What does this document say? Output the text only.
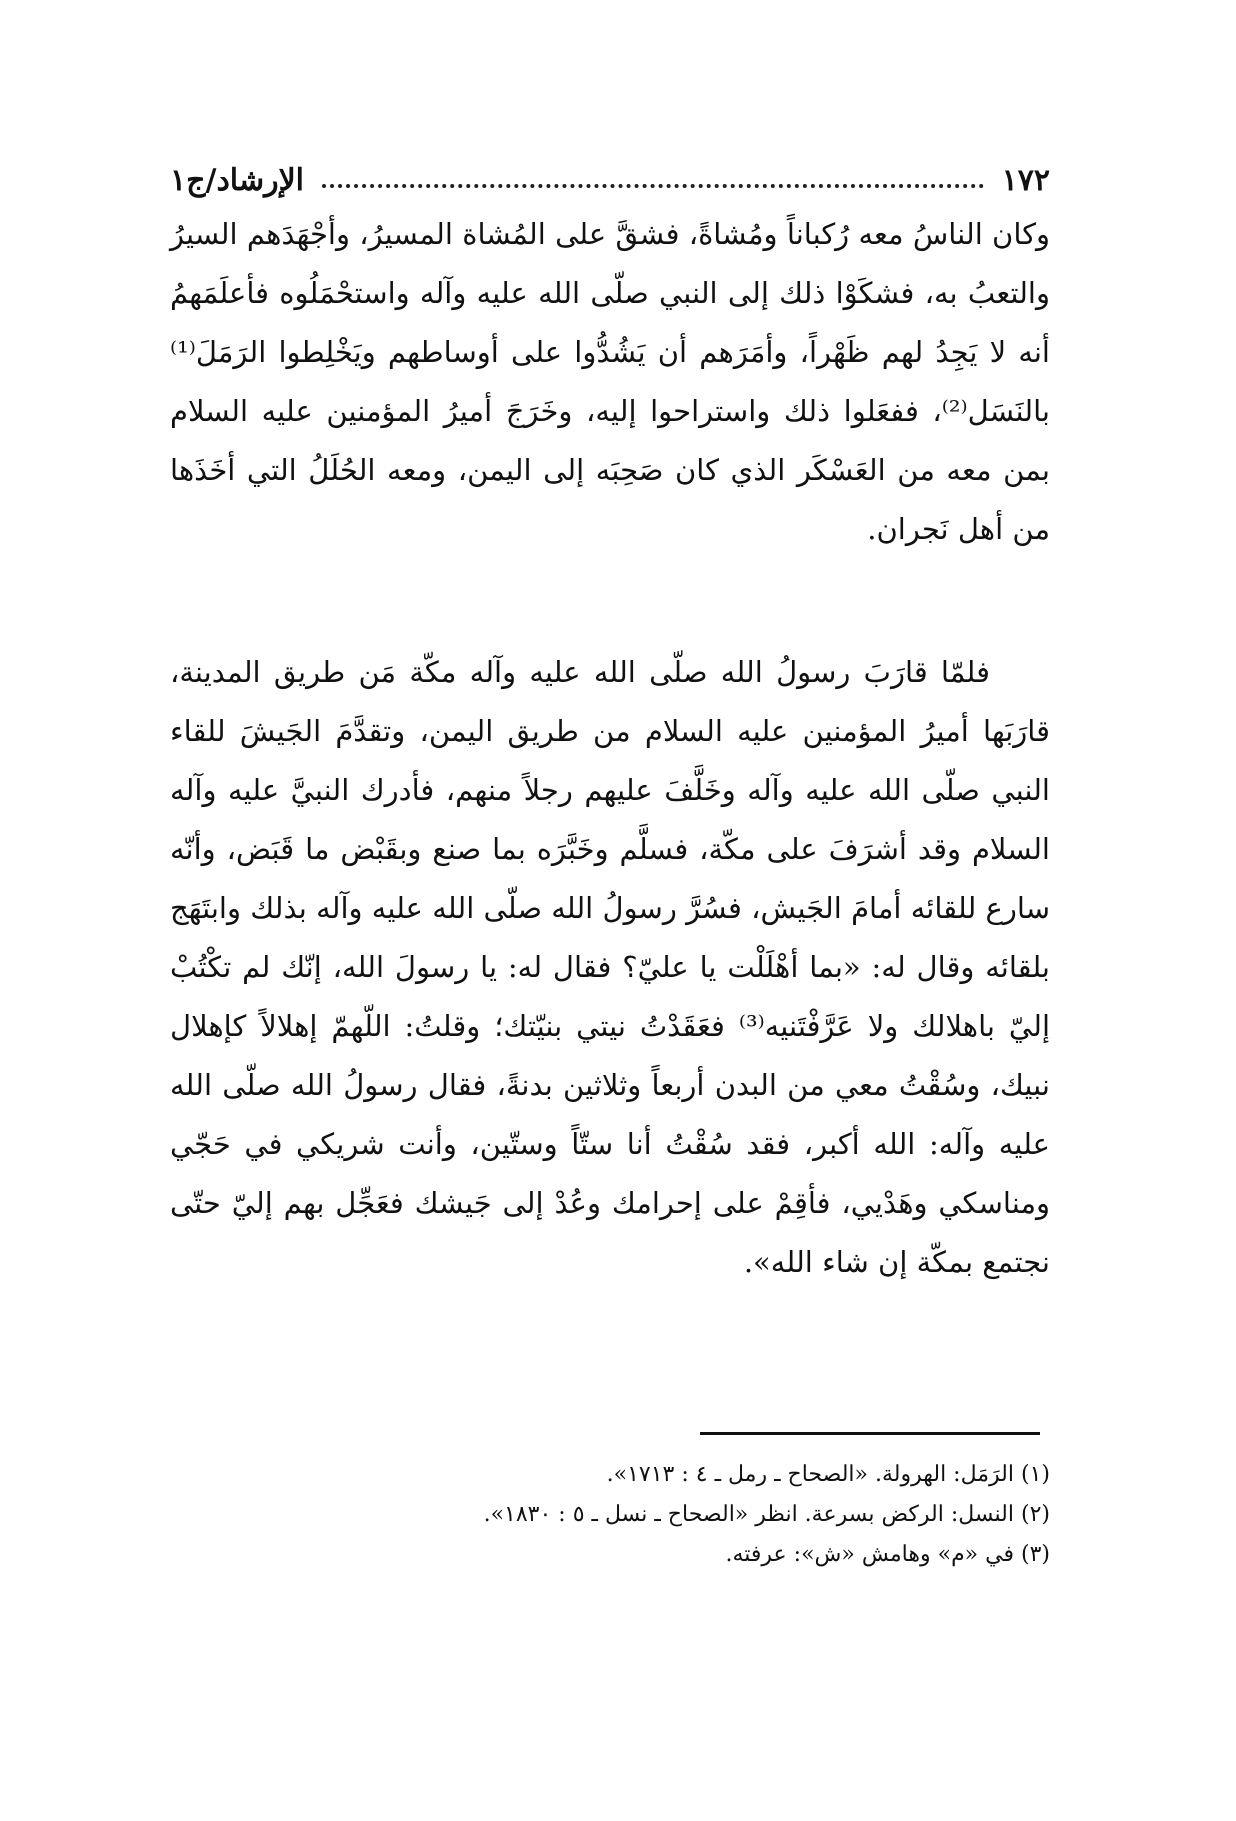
١٧٢
الإرشاد/ج١

وكان الناسُ معه رُكباناً ومُشاةً، فشقَّ على المُشاة المسيرُ، وأجْهَدَهم السيرُ والتعبُ به، فشكَوْا ذلك إلى النبي صلّى الله عليه وآله واستحْمَلُوه فأعلَمَهمُ أنه لا يَجِدُ لهم ظَهْراً، وأمَرَهم أن يَشُدُّوا على أوساطهم ويَخْلِطوا الرَمَلَ⁽¹⁾ بالنَسَل⁽²⁾، ففعَلوا ذلك واستراحوا إليه، وخَرَجَ أميرُ المؤمنين عليه السلام بمن معه من العَسْكَر الذي كان صَحِبَه إلى اليمن، ومعه الحُلَلُ التي أخَذَها من أهل نَجران.

فلمّا قارَبَ رسولُ الله صلّى الله عليه وآله مكّة مَن طريق المدينة، قارَبَها أميرُ المؤمنين عليه السلام من طريق اليمن، وتقدَّمَ الجَيشَ للقاء النبي صلّى الله عليه وآله وخَلَّفَ عليهم رجلاً منهم، فأدرك النبيَّ عليه وآله السلام وقد أشرَفَ على مكّة، فسلَّم وخَبَّرَه بما صنع وبقَبْض ما قَبَض، وأنّه سارع للقائه أمامَ الجَيش، فسُرَّ رسولُ الله صلّى الله عليه وآله بذلك وابتَهَج بلقائه وقال له: «بما أهْلَلْت يا عليّ؟ فقال له: يا رسولَ الله، إنّك لم تكْتُبْ إليّ باهلالك ولا عَرَّفْتَنيه⁽³⁾ فعَقَدْتُ نيتي بنيّتك؛ وقلتُ: اللّهمّ إهلالاً كإهلال نبيك، وسُقْتُ معي من البدن أربعاً وثلاثين بدنةً، فقال رسولُ الله صلّى الله عليه وآله: الله أكبر، فقد سُقْتُ أنا ستّاً وستّين، وأنت شريكي في حَجّي ومناسكي وهَدْيي، فأقِمْ على إحرامك وعُدْ إلى جَيشك فعَجِّل بهم إليّ حتّى نجتمع بمكّة إن شاء الله».

(١) الرَمَل: الهرولة. «الصحاح ـ رمل ـ ٤ : ١٧١٣».

(٢) النسل: الركض بسرعة. انظر «الصحاح ـ نسل ـ ٥ : ١٨٣٠».

(٣) في «م» وهامش «ش»: عرفته.
